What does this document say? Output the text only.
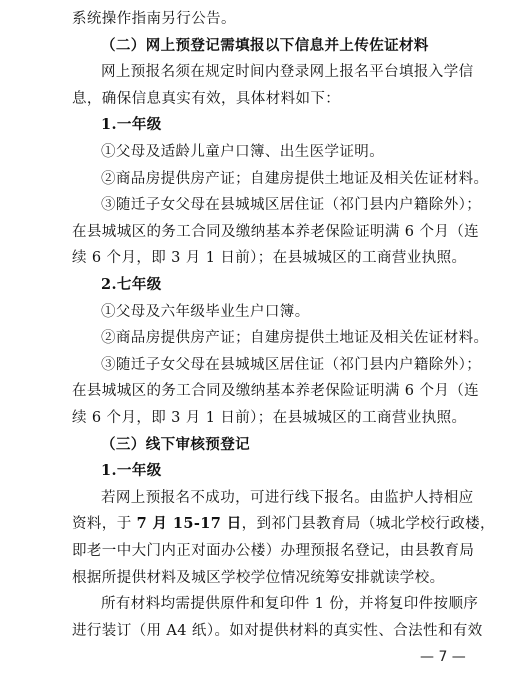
系统操作指南另行公告。
（二）网上预登记需填报以下信息并上传佐证材料
网上预报名须在规定时间内登录网上报名平台填报入学信
息，确保信息真实有效，具体材料如下：
1.一年级
①父母及适龄儿童户口簿、出生医学证明。
②商品房提供房产证；自建房提供土地证及相关佐证材料。
③随迁子女父母在县城城区居住证（祁门县内户籍除外）；
在县城城区的务工合同及缴纳基本养老保险证明满 6 个月（连
续 6 个月，即 3 月 1 日前）；在县城城区的工商营业执照。
2.七年级
①父母及六年级毕业生户口簿。
②商品房提供房产证；自建房提供土地证及相关佐证材料。
③随迁子女父母在县城城区居住证（祁门县内户籍除外）；
在县城城区的务工合同及缴纳基本养老保险证明满 6 个月（连
续 6 个月，即 3 月 1 日前）；在县城城区的工商营业执照。
（三）线下审核预登记
1.一年级
若网上预报名不成功，可进行线下报名。由监护人持相应
资料，于 7 月 15-17 日，到祁门县教育局（城北学校行政楼，
即老一中大门内正对面办公楼）办理预报名登记，由县教育局
根据所提供材料及城区学校学位情况统筹安排就读学校。
所有材料均需提供原件和复印件 1 份，并将复印件按顺序
进行装订（用 A4 纸）。如对提供材料的真实性、合法性和有效
— 7 —
